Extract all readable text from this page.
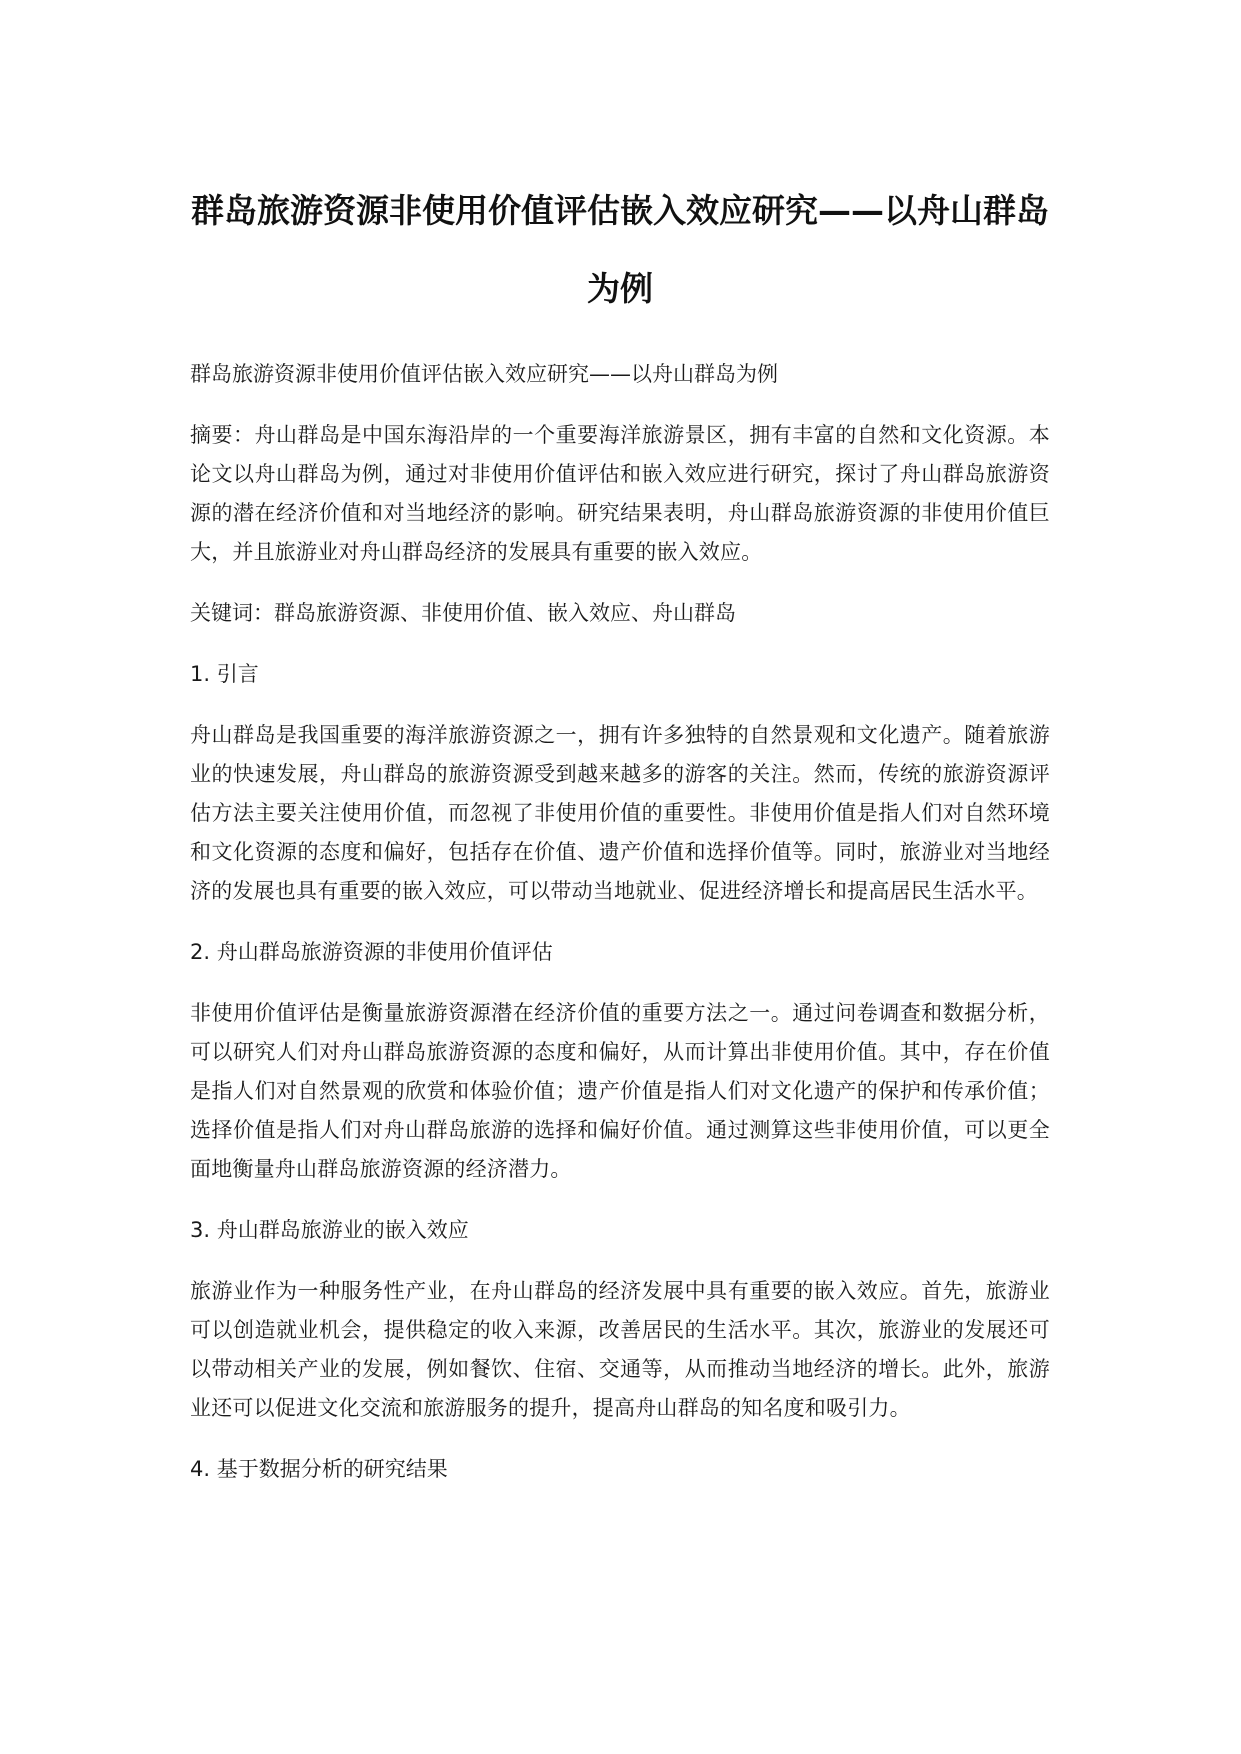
群岛旅游资源非使用价值评估嵌入效应研究——以舟山群岛为例

群岛旅游资源非使用价值评估嵌入效应研究——以舟山群岛为例

摘要：舟山群岛是中国东海沿岸的一个重要海洋旅游景区，拥有丰富的自然和文化资源。本论文以舟山群岛为例，通过对非使用价值评估和嵌入效应进行研究，探讨了舟山群岛旅游资源的潜在经济价值和对当地经济的影响。研究结果表明，舟山群岛旅游资源的非使用价值巨大，并且旅游业对舟山群岛经济的发展具有重要的嵌入效应。

关键词：群岛旅游资源、非使用价值、嵌入效应、舟山群岛

1. 引言

舟山群岛是我国重要的海洋旅游资源之一，拥有许多独特的自然景观和文化遗产。随着旅游业的快速发展，舟山群岛的旅游资源受到越来越多的游客的关注。然而，传统的旅游资源评估方法主要关注使用价值，而忽视了非使用价值的重要性。非使用价值是指人们对自然环境和文化资源的态度和偏好，包括存在价值、遗产价值和选择价值等。同时，旅游业对当地经济的发展也具有重要的嵌入效应，可以带动当地就业、促进经济增长和提高居民生活水平。

2. 舟山群岛旅游资源的非使用价值评估

非使用价值评估是衡量旅游资源潜在经济价值的重要方法之一。通过问卷调查和数据分析，可以研究人们对舟山群岛旅游资源的态度和偏好，从而计算出非使用价值。其中，存在价值是指人们对自然景观的欣赏和体验价值；遗产价值是指人们对文化遗产的保护和传承价值；选择价值是指人们对舟山群岛旅游的选择和偏好价值。通过测算这些非使用价值，可以更全面地衡量舟山群岛旅游资源的经济潜力。

3. 舟山群岛旅游业的嵌入效应

旅游业作为一种服务性产业，在舟山群岛的经济发展中具有重要的嵌入效应。首先，旅游业可以创造就业机会，提供稳定的收入来源，改善居民的生活水平。其次，旅游业的发展还可以带动相关产业的发展，例如餐饮、住宿、交通等，从而推动当地经济的增长。此外，旅游业还可以促进文化交流和旅游服务的提升，提高舟山群岛的知名度和吸引力。

4. 基于数据分析的研究结果
